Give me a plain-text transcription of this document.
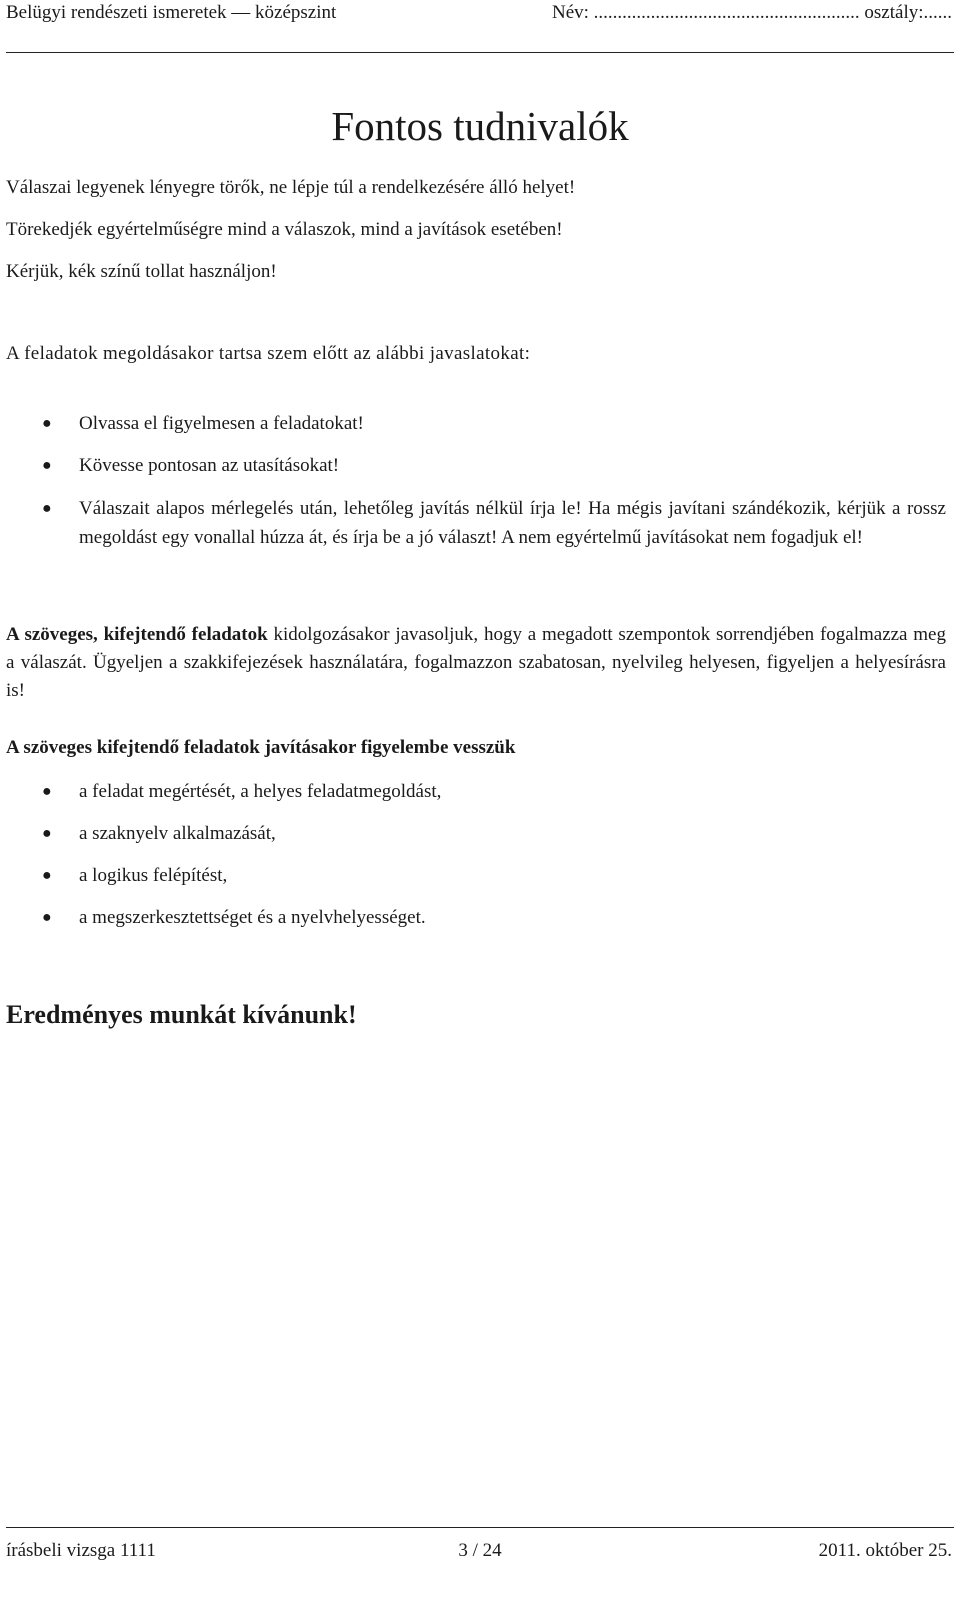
Belügyi rendészeti ismeretek — középszint	Név: ........................................................ osztály:......
Fontos tudnivalók

Válaszai legyenek lényegre törők, ne lépje túl a rendelkezésére álló helyet!

Törekedjék egyértelműségre mind a válaszok, mind a javítások esetében!

Kérjük, kék színű tollat használjon!

A feladatok megoldásakor tartsa szem előtt az alábbi javaslatokat:

● Olvassa el figyelmesen a feladatokat!
● Kövesse pontosan az utasításokat!
● Válaszait alapos mérlegelés után, lehetőleg javítás nélkül írja le! Ha mégis javítani szándékozik, kérjük a rossz megoldást egy vonallal húzza át, és írja be a jó választ! A nem egyértelmű javításokat nem fogadjuk el!

A szöveges, kifejtendő feladatok kidolgozásakor javasoljuk, hogy a megadott szempontok sorrendjében fogalmazza meg a válaszát. Ügyeljen a szakkifejezések használatára, fogalmazzon szabatosan, nyelvileg helyesen, figyeljen a helyesírásra is!

A szöveges kifejtendő feladatok javításakor figyelembe vesszük

● a feladat megértését, a helyes feladatmegoldást,
● a szaknyelv alkalmazását,
● a logikus felépítést,
● a megszerkesztettséget és a nyelvhelyességet.
Eredményes munkát kívánunk!
írásbeli vizsga 1111	3 / 24	2011. október 25.
